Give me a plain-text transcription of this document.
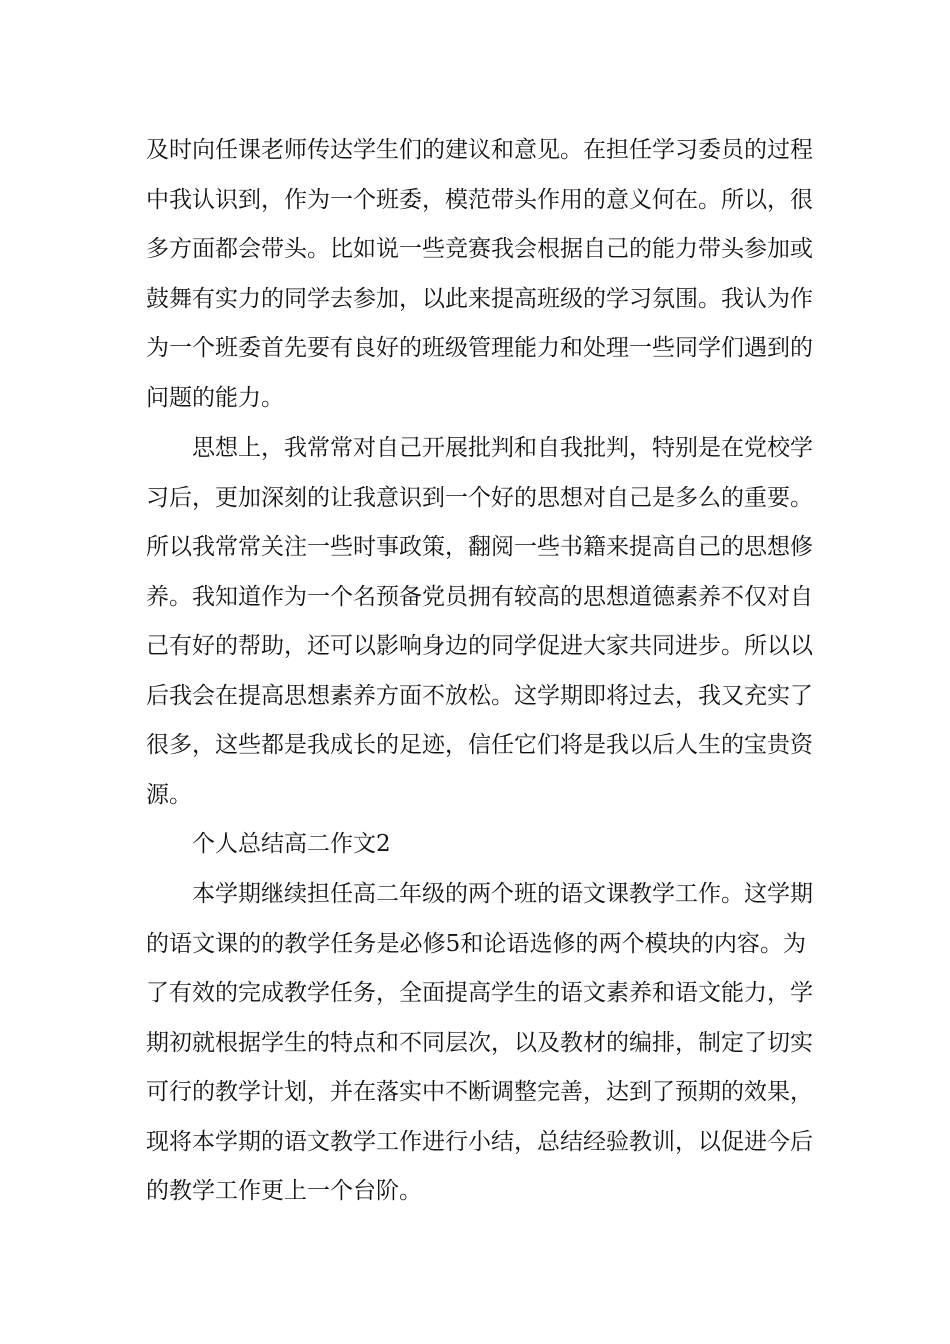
及时向任课老师传达学生们的建议和意见。在担任学习委员的过程
中我认识到，作为一个班委，模范带头作用的意义何在。所以，很
多方面都会带头。比如说一些竞赛我会根据自己的能力带头参加或
鼓舞有实力的同学去参加，以此来提高班级的学习氛围。我认为作
为一个班委首先要有良好的班级管理能力和处理一些同学们遇到的
问题的能力。
思想上，我常常对自己开展批判和自我批判，特别是在党校学
习后，更加深刻的让我意识到一个好的思想对自己是多么的重要。
所以我常常关注一些时事政策，翻阅一些书籍来提高自己的思想修
养。我知道作为一个名预备党员拥有较高的思想道德素养不仅对自
己有好的帮助，还可以影响身边的同学促进大家共同进步。所以以
后我会在提高思想素养方面不放松。这学期即将过去，我又充实了
很多，这些都是我成长的足迹，信任它们将是我以后人生的宝贵资
源。
个人总结高二作文2
本学期继续担任高二年级的两个班的语文课教学工作。这学期
的语文课的的教学任务是必修5和论语选修的两个模块的内容。为
了有效的完成教学任务，全面提高学生的语文素养和语文能力，学
期初就根据学生的特点和不同层次，以及教材的编排，制定了切实
可行的教学计划，并在落实中不断调整完善，达到了预期的效果，
现将本学期的语文教学工作进行小结，总结经验教训，以促进今后
的教学工作更上一个台阶。
